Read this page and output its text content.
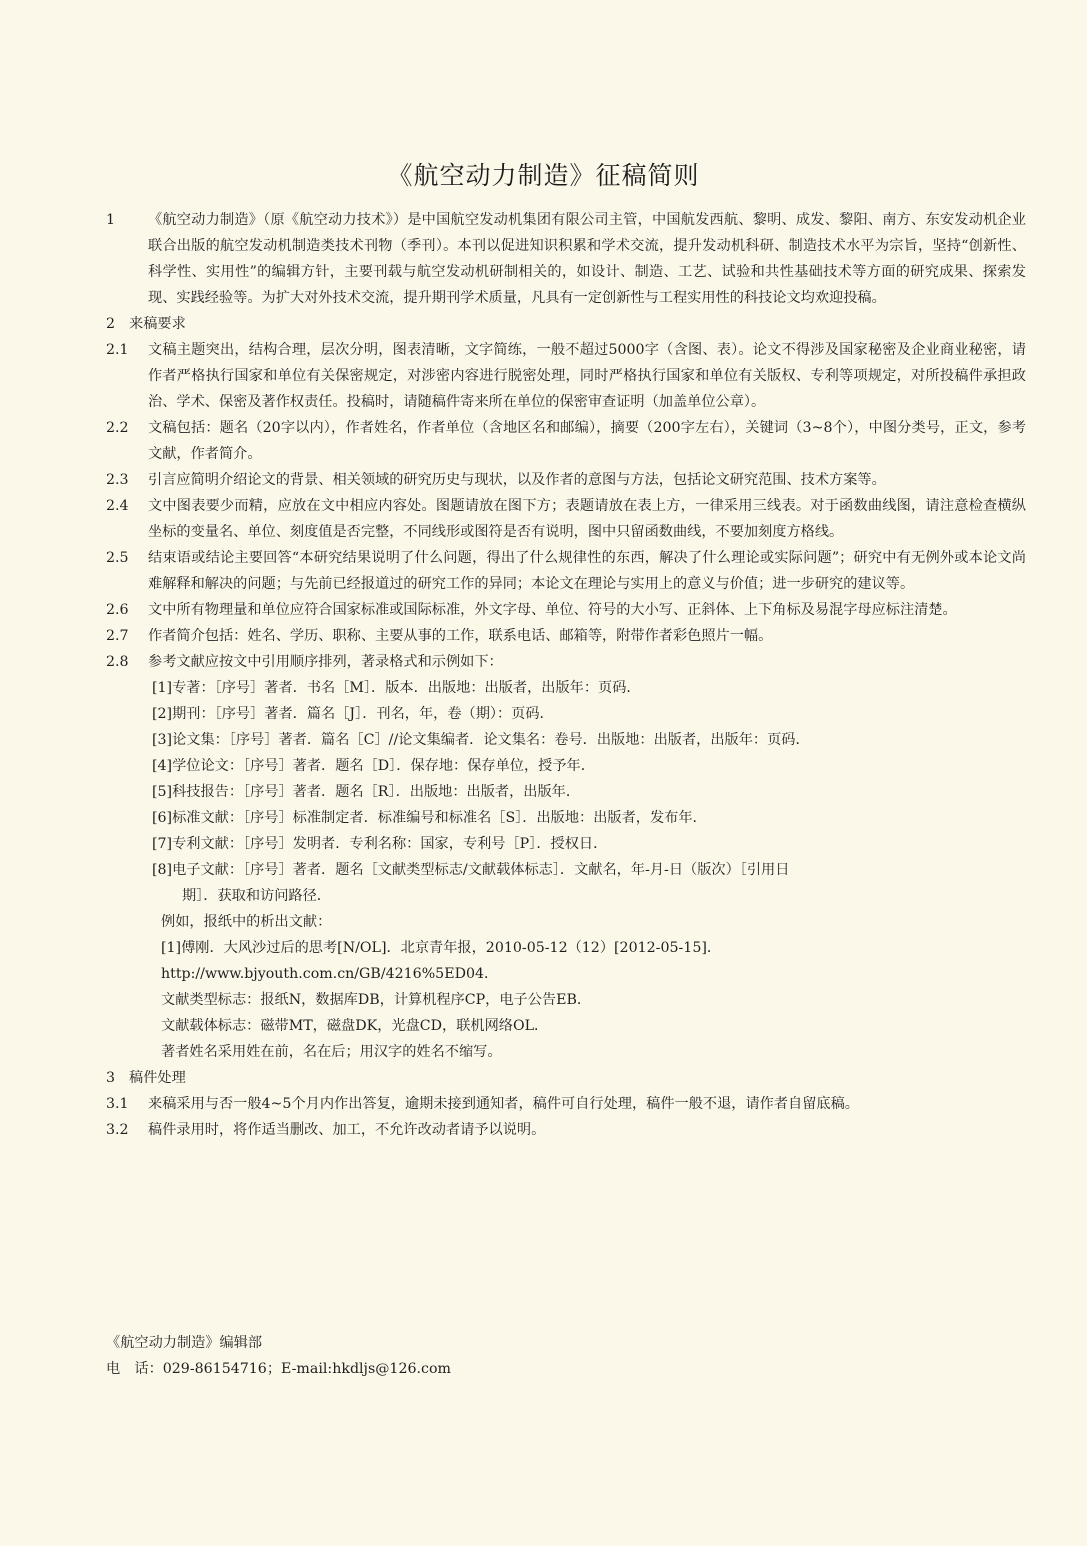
《航空动力制造》征稿简则

1 《航空动力制造》（原《航空动力技术》）是中国航空发动机集团有限公司主管，中国航发西航、黎明、成发、黎阳、南方、东安发动机企业联合出版的航空发动机制造类技术刊物（季刊）。本刊以促进知识积累和学术交流，提升发动机科研、制造技术水平为宗旨，坚持“创新性、科学性、实用性”的编辑方针，主要刊载与航空发动机研制相关的，如设计、制造、工艺、试验和共性基础技术等方面的研究成果、探索发现、实践经验等。为扩大对外技术交流，提升期刊学术质量，凡具有一定创新性与工程实用性的科技论文均欢迎投稿。

2 来稿要求

2.1 文稿主题突出，结构合理，层次分明，图表清晰，文字简练，一般不超过5000字（含图、表）。论文不得涉及国家秘密及企业商业秘密，请作者严格执行国家和单位有关保密规定，对涉密内容进行脱密处理，同时严格执行国家和单位有关版权、专利等项规定，对所投稿件承担政治、学术、保密及著作权责任。投稿时，请随稿件寄来所在单位的保密审查证明（加盖单位公章）。

2.2 文稿包括：题名（20字以内），作者姓名，作者单位（含地区名和邮编），摘要（200字左右），关键词（3~8个），中图分类号，正文，参考文献，作者简介。

2.3 引言应简明介绍论文的背景、相关领域的研究历史与现状，以及作者的意图与方法，包括论文研究范围、技术方案等。

2.4 文中图表要少而精，应放在文中相应内容处。图题请放在图下方；表题请放在表上方，一律采用三线表。对于函数曲线图，请注意检查横纵坐标的变量名、单位、刻度值是否完整，不同线形或图符是否有说明，图中只留函数曲线，不要加刻度方格线。

2.5 结束语或结论主要回答“本研究结果说明了什么问题，得出了什么规律性的东西，解决了什么理论或实际问题”；研究中有无例外或本论文尚难解释和解决的问题；与先前已经报道过的研究工作的异同；本论文在理论与实用上的意义与价值；进一步研究的建议等。

2.6 文中所有物理量和单位应符合国家标准或国际标准，外文字母、单位、符号的大小写、正斜体、上下角标及易混字母应标注清楚。

2.7 作者简介包括：姓名、学历、职称、主要从事的工作，联系电话、邮箱等，附带作者彩色照片一幅。

2.8 参考文献应按文中引用顺序排列，著录格式和示例如下：

[1]专著：［序号］著者．书名［M］．版本．出版地：出版者，出版年：页码．

[2]期刊：［序号］著者．篇名［J］．刊名，年，卷（期）：页码．

[3]论文集：［序号］著者．篇名［C］//论文集编者．论文集名：卷号．出版地：出版者，出版年：页码．

[4]学位论文：［序号］著者．题名［D］．保存地：保存单位，授予年．

[5]科技报告：［序号］著者．题名［R］．出版地：出版者，出版年．

[6]标准文献：［序号］标准制定者．标准编号和标准名［S］．出版地：出版者，发布年．

[7]专利文献：［序号］发明者．专利名称：国家，专利号［P］．授权日．

[8]电子文献：［序号］著者．题名［文献类型标志/文献载体标志］．文献名，年-月-日（版次）［引用日
期］．获取和访问路径．

例如，报纸中的析出文献：

[1]傅刚．大风沙过后的思考[N/OL]．北京青年报，2010-05-12（12）[2012-05-15]．

http://www.bjyouth.com.cn/GB/4216%5ED04．

文献类型标志：报纸N，数据库DB，计算机程序CP，电子公告EB．

文献载体标志：磁带MT，磁盘DK，光盘CD，联机网络OL．

著者姓名采用姓在前，名在后；用汉字的姓名不缩写。

3 稿件处理

3.1 来稿采用与否一般4~5个月内作出答复，逾期未接到通知者，稿件可自行处理，稿件一般不退，请作者自留底稿。

3.2 稿件录用时，将作适当删改、加工，不允许改动者请予以说明。

《航空动力制造》编辑部
电　话：029-86154716；E-mail:hkdljs@126.com
